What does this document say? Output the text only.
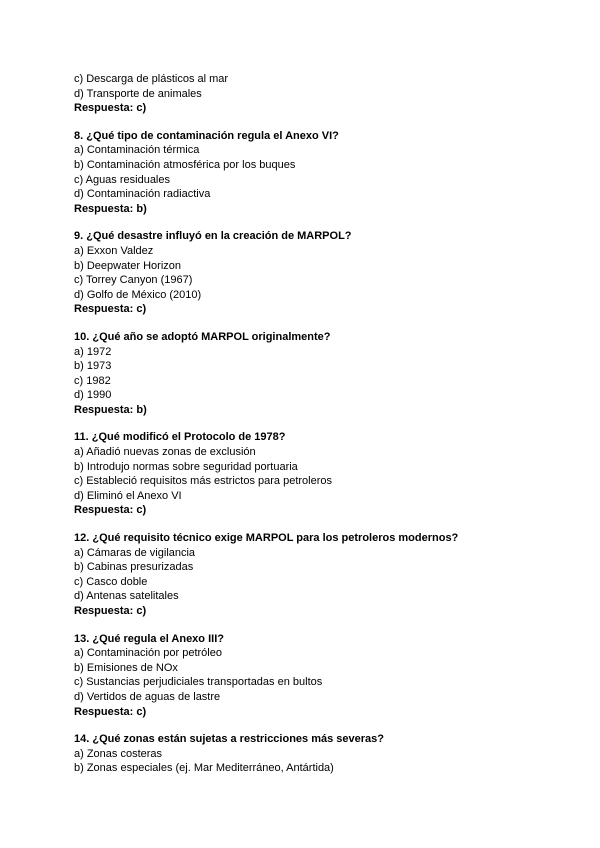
c) Descarga de plásticos al mar
d) Transporte de animales
Respuesta: c)
8. ¿Qué tipo de contaminación regula el Anexo VI?
a) Contaminación térmica
b) Contaminación atmosférica por los buques
c) Aguas residuales
d) Contaminación radiactiva
Respuesta: b)
9. ¿Qué desastre influyó en la creación de MARPOL?
a) Exxon Valdez
b) Deepwater Horizon
c) Torrey Canyon (1967)
d) Golfo de México (2010)
Respuesta: c)
10. ¿Qué año se adoptó MARPOL originalmente?
a) 1972
b) 1973
c) 1982
d) 1990
Respuesta: b)
11. ¿Qué modificó el Protocolo de 1978?
a) Añadió nuevas zonas de exclusión
b) Introdujo normas sobre seguridad portuaria
c) Estableció requisitos más estrictos para petroleros
d) Eliminó el Anexo VI
Respuesta: c)
12. ¿Qué requisito técnico exige MARPOL para los petroleros modernos?
a) Cámaras de vigilancia
b) Cabinas presurizadas
c) Casco doble
d) Antenas satelitales
Respuesta: c)
13. ¿Qué regula el Anexo III?
a) Contaminación por petróleo
b) Emisiones de NOx
c) Sustancias perjudiciales transportadas en bultos
d) Vertidos de aguas de lastre
Respuesta: c)
14. ¿Qué zonas están sujetas a restricciones más severas?
a) Zonas costeras
b) Zonas especiales (ej. Mar Mediterráneo, Antártida)
